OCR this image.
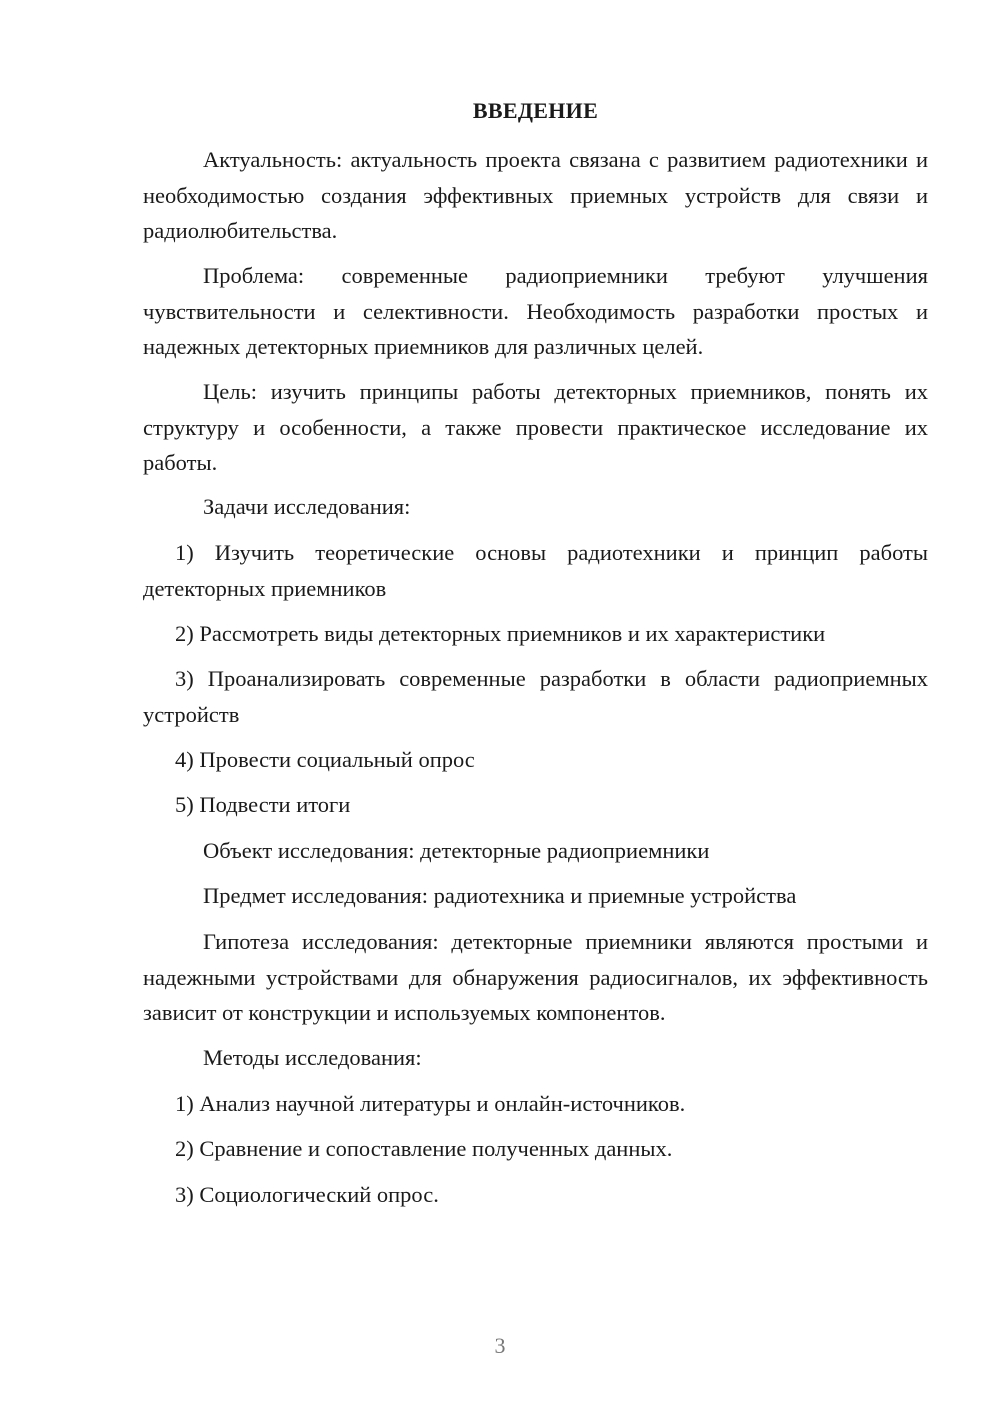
ВВЕДЕНИЕ

Актуальность: актуальность проекта связана с развитием радиотехники и необходимостью создания эффективных приемных устройств для связи и радиолюбительства.

Проблема: современные радиоприемники требуют улучшения чувствительности и селективности. Необходимость разработки простых и надежных детекторных приемников для различных целей.

Цель: изучить принципы работы детекторных приемников, понять их структуру и особенности, а также провести практическое исследование их работы.

Задачи исследования:

1) Изучить теоретические основы радиотехники и принцип работы детекторных приемников

2) Рассмотреть виды детекторных приемников и их характеристики

3) Проанализировать современные разработки в области радиоприемных устройств

4) Провести социальный опрос

5) Подвести итоги

Объект исследования: детекторные радиоприемники

Предмет исследования: радиотехника и приемные устройства

Гипотеза исследования: детекторные приемники являются простыми и надежными устройствами для обнаружения радиосигналов, их эффективность зависит от конструкции и используемых компонентов.

Методы исследования:

1) Анализ научной литературы и онлайн-источников.

2) Сравнение и сопоставление полученных данных.

3) Социологический опрос.

3
